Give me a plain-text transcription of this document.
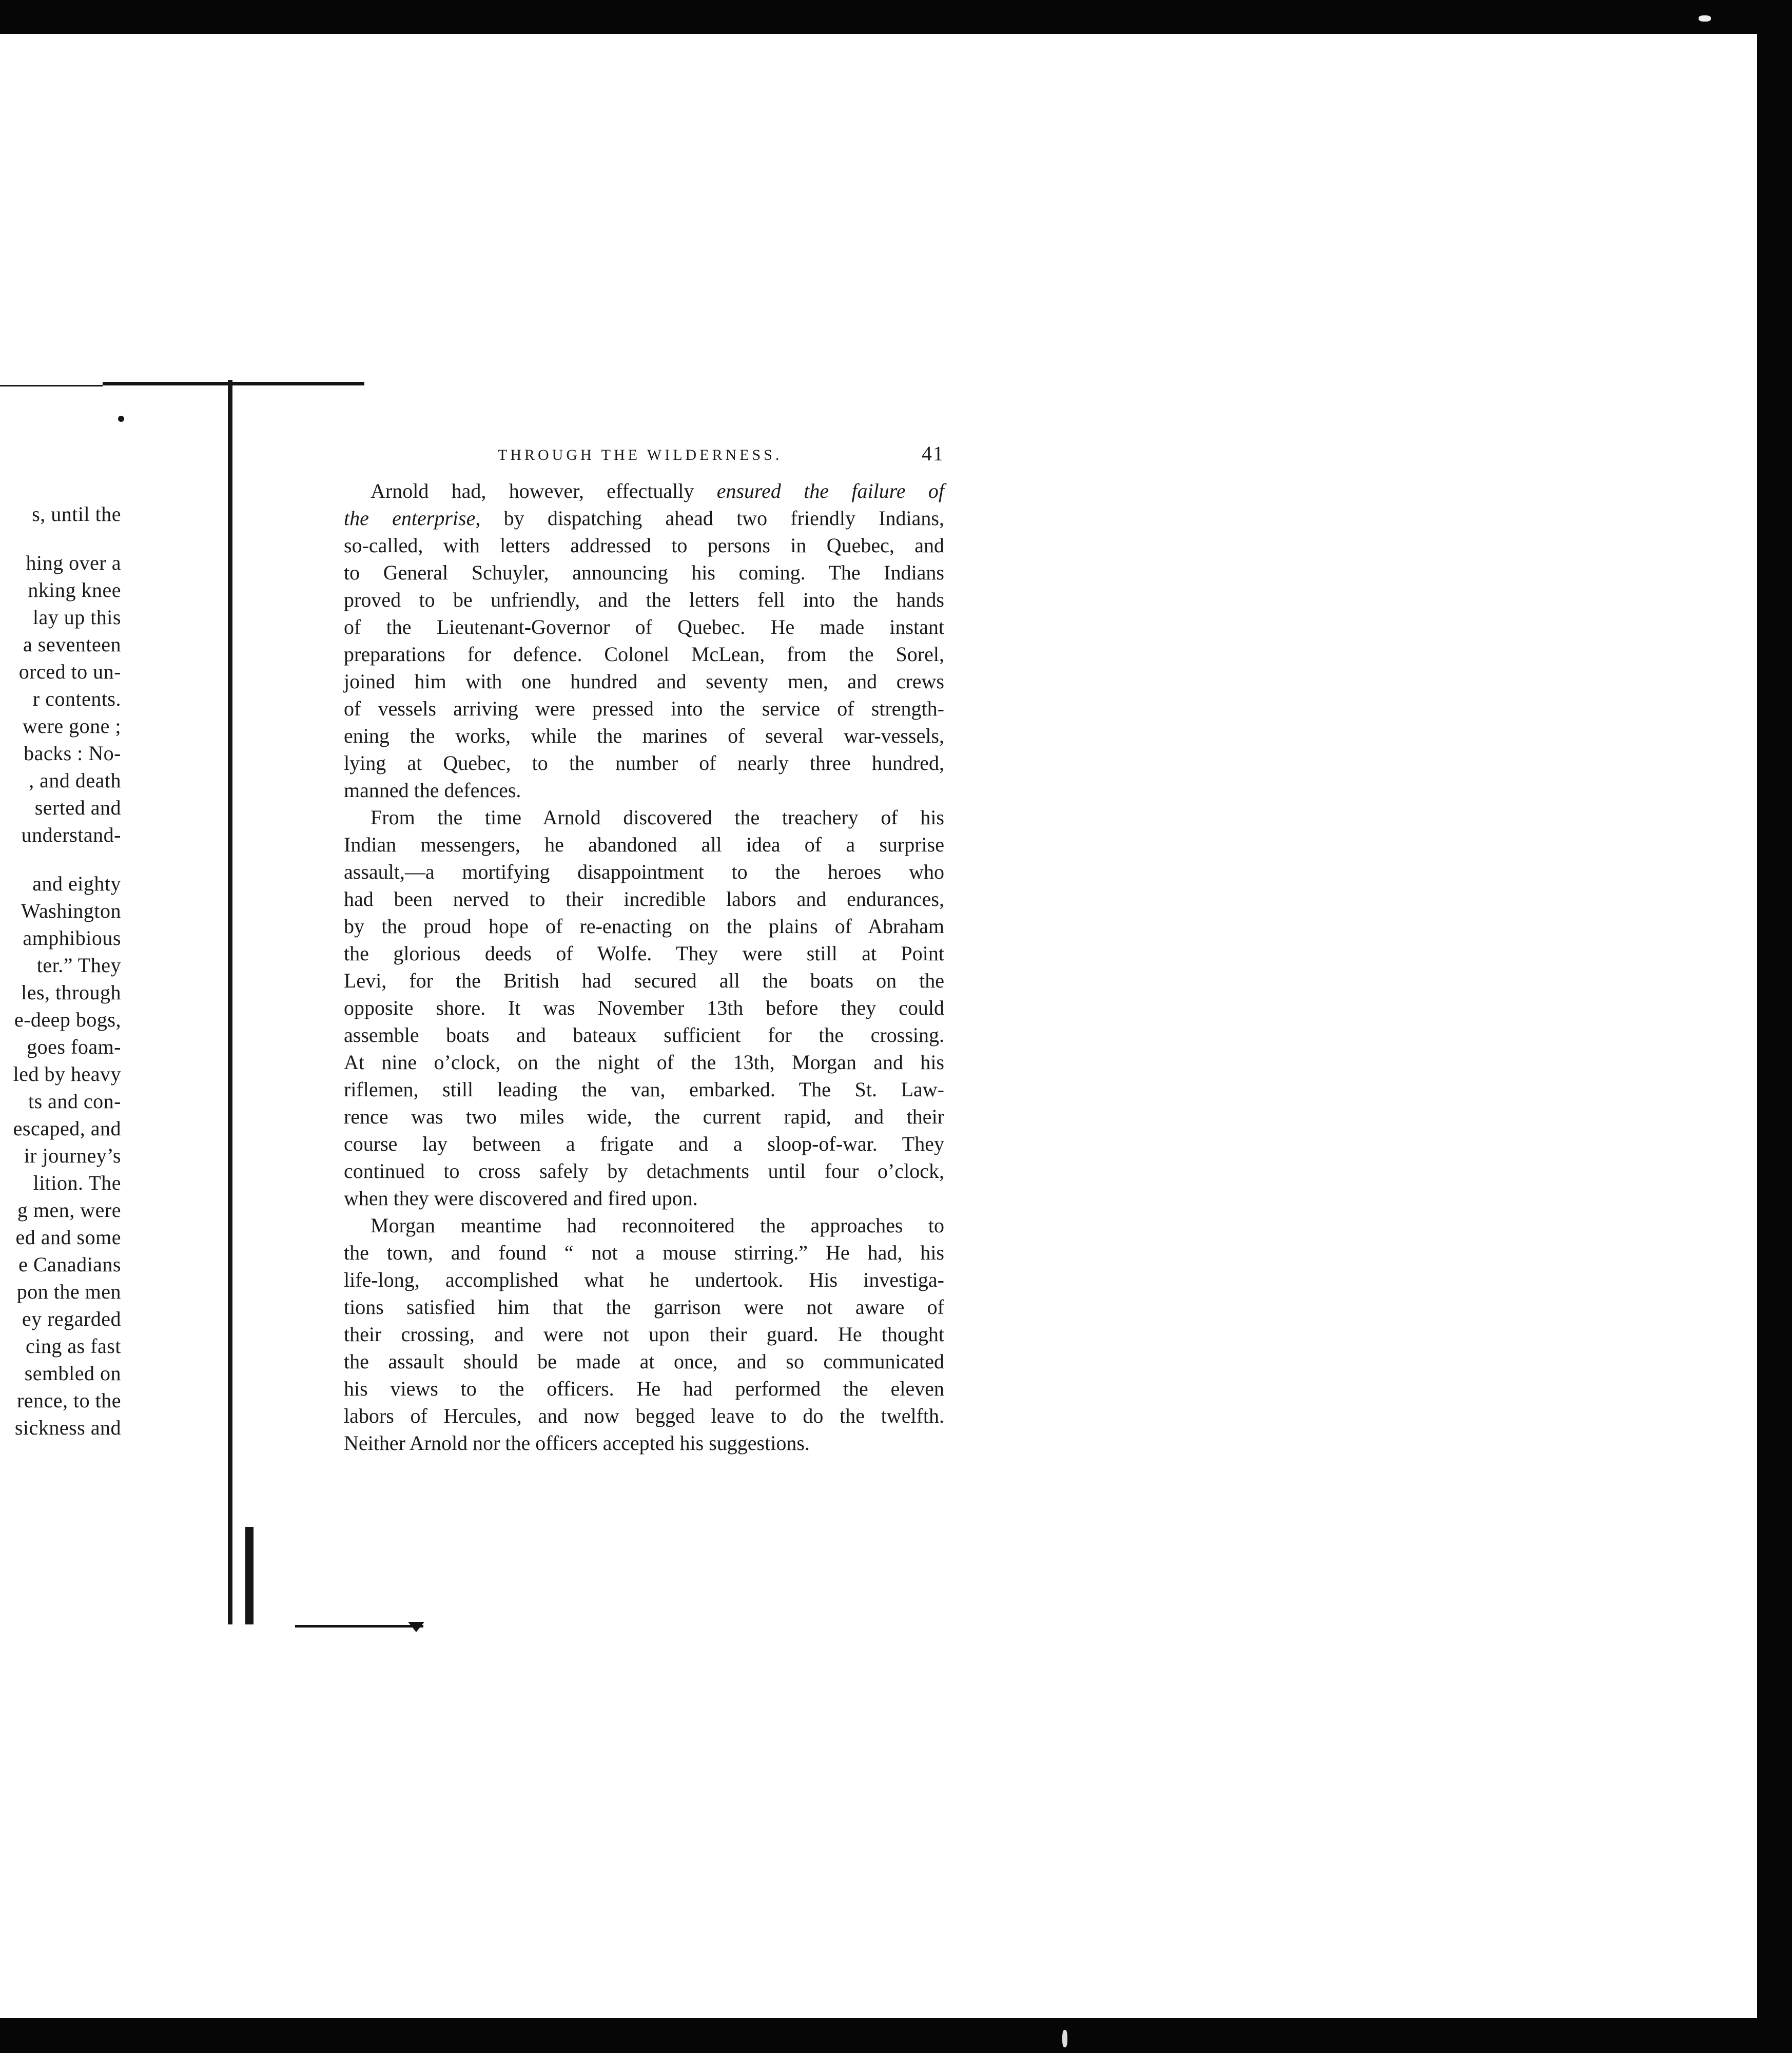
s, until the
hing over a
nking knee
lay up this
a seventeen
orced to un-
r contents.
were gone ;
backs : No-
, and death
serted and
understand-
and eighty
Washington
amphibious
ter.” They
les, through
e-deep bogs,
goes foam-
led by heavy
ts and con-
escaped, and
ir journey’s
lition. The
g men, were
ed and some
e Canadians
pon the men
ey regarded
cing as fast
sembled on
rence, to the
sickness and
THROUGH THE WILDERNESS.	41
Arnold had, however, effectually ensured the failure of
the enterprise, by dispatching ahead two friendly Indians,
so-called, with letters addressed to persons in Quebec, and
to General Schuyler, announcing his coming. The Indians
proved to be unfriendly, and the letters fell into the hands
of the Lieutenant-Governor of Quebec. He made instant
preparations for defence. Colonel McLean, from the Sorel,
joined him with one hundred and seventy men, and crews
of vessels arriving were pressed into the service of strength-
ening the works, while the marines of several war-vessels,
lying at Quebec, to the number of nearly three hundred,
manned the defences.
From the time Arnold discovered the treachery of his
Indian messengers, he abandoned all idea of a surprise
assault,—a mortifying disappointment to the heroes who
had been nerved to their incredible labors and endurances,
by the proud hope of re-enacting on the plains of Abraham
the glorious deeds of Wolfe. They were still at Point
Levi, for the British had secured all the boats on the
opposite shore. It was November 13th before they could
assemble boats and bateaux sufficient for the crossing.
At nine o’clock, on the night of the 13th, Morgan and his
riflemen, still leading the van, embarked. The St. Law-
rence was two miles wide, the current rapid, and their
course lay between a frigate and a sloop-of-war. They
continued to cross safely by detachments until four o’clock,
when they were discovered and fired upon.
Morgan meantime had reconnoitered the approaches to
the town, and found “ not a mouse stirring.” He had, his
life-long, accomplished what he undertook. His investiga-
tions satisfied him that the garrison were not aware of
their crossing, and were not upon their guard. He thought
the assault should be made at once, and so communicated
his views to the officers. He had performed the eleven
labors of Hercules, and now begged leave to do the twelfth.
Neither Arnold nor the officers accepted his suggestions.
